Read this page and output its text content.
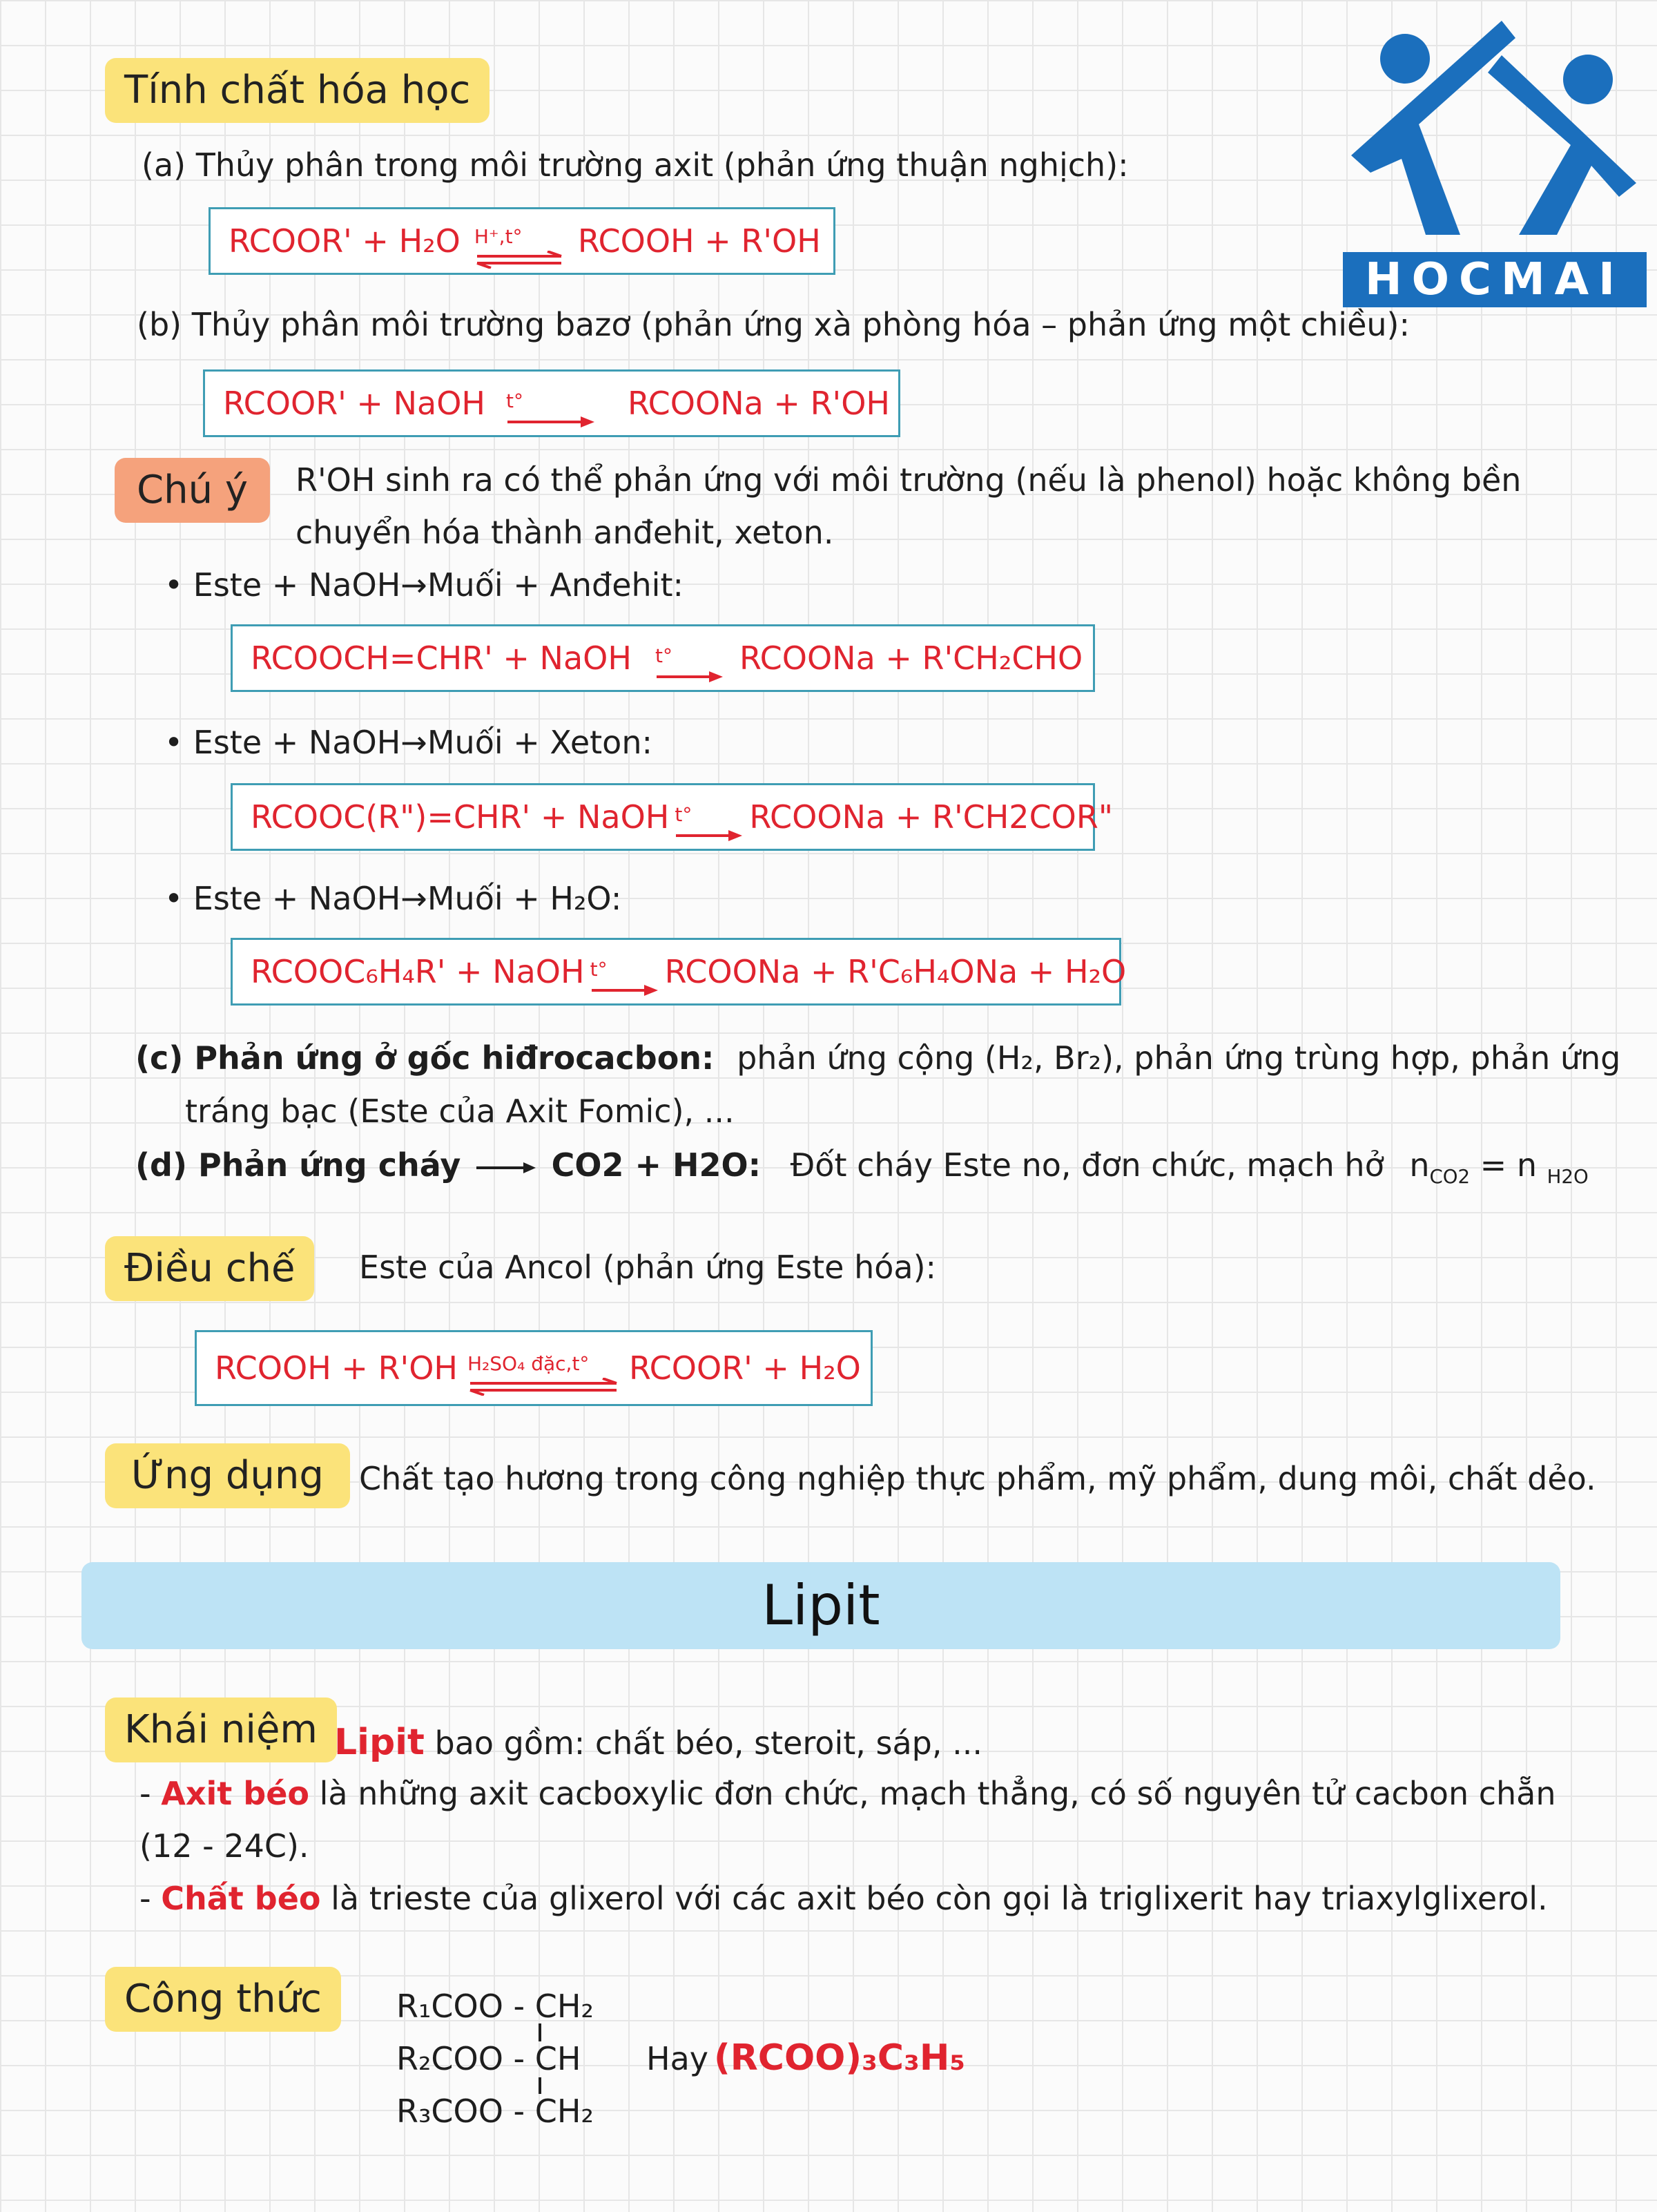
HOCMAI
Tính chất hóa học
(a) Thủy phân trong môi trường axit (phản ứng thuận nghịch):
RCOOR' + H₂O H⁺,t°	RCOOH + R'OH
(b) Thủy phân môi trường bazơ (phản ứng xà phòng hóa – phản ứng một chiều):
RCOOR' + NaOH t°	RCOONa + R'OH
Chú ý	R'OH sinh ra có thể phản ứng với môi trường (nếu là phenol) hoặc không bền
chuyển hóa thành anđehit, xeton.
• Este + NaOH→Muối + Anđehit:
RCOOCH=CHR' + NaOH t°	RCOONa + R'CH₂CHO
• Este + NaOH→Muối + Xeton:
RCOOC(R")=CHR' + NaOH t°	RCOONa + R'CH2COR"
• Este + NaOH→Muối + H₂O:
RCOOC₆H₄R' + NaOH t°	RCOONa + R'C₆H₄ONa + H₂O
(c) Phản ứng ở gốc hiđrocacbon: phản ứng cộng (H₂, Br₂), phản ứng trùng hợp, phản ứng
tráng bạc (Este của Axit Fomic), ...
(d) Phản ứng cháy	CO2 + H2O: Đốt cháy Este no, đơn chức, mạch hở $n_{CO2} = n$ $_{H2O}$
Điều chế	Este của Ancol (phản ứng Este hóa):
RCOOH + R'OH H₂SO₄ đặc,t°	RCOOR' + H₂O
Ứng dụng	Chất tạo hương trong công nghiệp thực phẩm, mỹ phẩm, dung môi, chất dẻo.
Lipit
Khái niệm Lipit bao gồm: chất béo, steroit, sáp, ...
- Axit béo là những axit cacboxylic đơn chức, mạch thẳng, có số nguyên tử cacbon chẵn
(12 - 24C).
- Chất béo là trieste của glixerol với các axit béo còn gọi là triglixerit hay triaxylglixerol.
Công thức	R₁COO - CH₂
R₂COO - CH
R₃COO - CH₂
Hay (RCOO)₃C₃H₅
